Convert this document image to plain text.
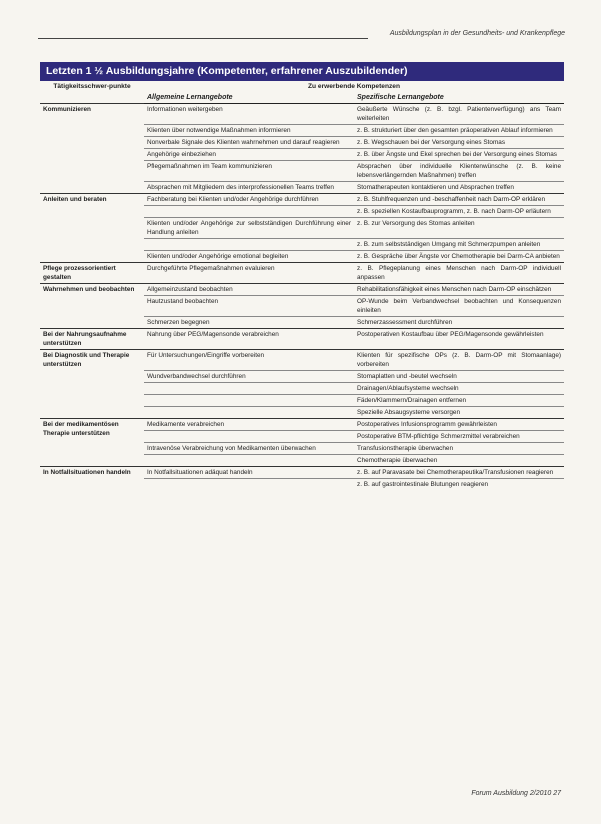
Ausbildungsplan in der Gesundheits- und Krankenpflege
Letzten 1 ½ Ausbildungsjahre (Kompetenter, erfahrener Auszubildender)
Tätigkeitsschwer-punkte	Zu erwerbende Kompetenzen	
	Allgemeine Lernangebote	Spezifische Lernangebote
Kommunizieren	Informationen weitergeben	Geäußerte Wünsche (z. B. bzgl. Patientenverfügung) ans Team weiterleiten
	Klienten über notwendige Maßnahmen informieren	z. B. strukturiert über den gesamten präoperativen Ablauf informieren
	Nonverbale Signale des Klienten wahrnehmen und darauf reagieren	z. B. Wegschauen bei der Versorgung eines Stomas
	Angehörige einbeziehen	z. B. über Ängste und Ekel sprechen bei der Versorgung eines Stomas
	Pflegemaßnahmen im Team kommunizieren	Absprachen über individuelle Klientenwünsche (z. B. keine lebensverlängernden Maßnahmen) treffen
	Absprachen mit Mitgliedern des interprofessionellen Teams treffen	Stomatherapeuten kontaktieren und Absprachen treffen
Anleiten und beraten	Fachberatung bei Klienten und/oder Angehörige durchführen	z. B. Stuhlfrequenzen und -beschaffenheit nach Darm-OP erklären
		z. B. speziellen Kostaufbauprogramm, z. B. nach Darm-OP erläutern
	Klienten und/oder Angehörige zur selbstständigen Durchführung einer Handlung anleiten	z. B. zur Versorgung des Stomas anleiten
		z. B. zum selbstständigen Umgang mit Schmerzpumpen anleiten
	Klienten und/oder Angehörige emotional begleiten	z. B. Gespräche über Ängste vor Chemotherapie bei Darm-CA anbieten
Pflege prozessorientiert gestalten	Durchgeführte Pflegemaßnahmen evaluieren	z. B. Pflegeplanung eines Menschen nach Darm-OP individuell anpassen
Wahrnehmen und beobachten	Allgemeinzustand beobachten	Rehabilitationsfähigkeit eines Menschen nach Darm-OP einschätzen
	Hautzustand beobachten	OP-Wunde beim Verbandwechsel beobachten und Konsequenzen einleiten
	Schmerzen begegnen	Schmerzassessment durchführen
Bei der Nahrungsaufnahme unterstützen	Nahrung über PEG/Magensonde verabreichen	Postoperativen Kostaufbau über PEG/Magensonde gewährleisten
Bei Diagnostik und Therapie unterstützen	Für Untersuchungen/Eingriffe vorbereiten	Klienten für spezifische OPs (z. B. Darm-OP mit Stomaanlage) vorbereiten
	Wundverbandwechsel durchführen	Stomaplatten und -beutel wechseln
		Drainagen/Ablaufsysteme wechseln
		Fäden/Klammern/Drainagen entfernen
		Spezielle Absaugsysteme versorgen
Bei der medikamentösen Therapie unterstützen	Medikamente verabreichen	Postoperatives Infusionsprogramm gewährleisten
		Postoperative BTM-pflichtige Schmerzmittel verabreichen
	Intravenöse Verabreichung von Medikamenten überwachen	Transfusionstherapie überwachen
		Chemotherapie überwachen
In Notfallsituationen handeln	In Notfallsituationen adäquat handeln	z. B. auf Paravasate bei Chemotherapeutika/Transfusionen reagieren
		z. B. auf gastrointestinale Blutungen reagieren
Forum Ausbildung 2/2010 27
